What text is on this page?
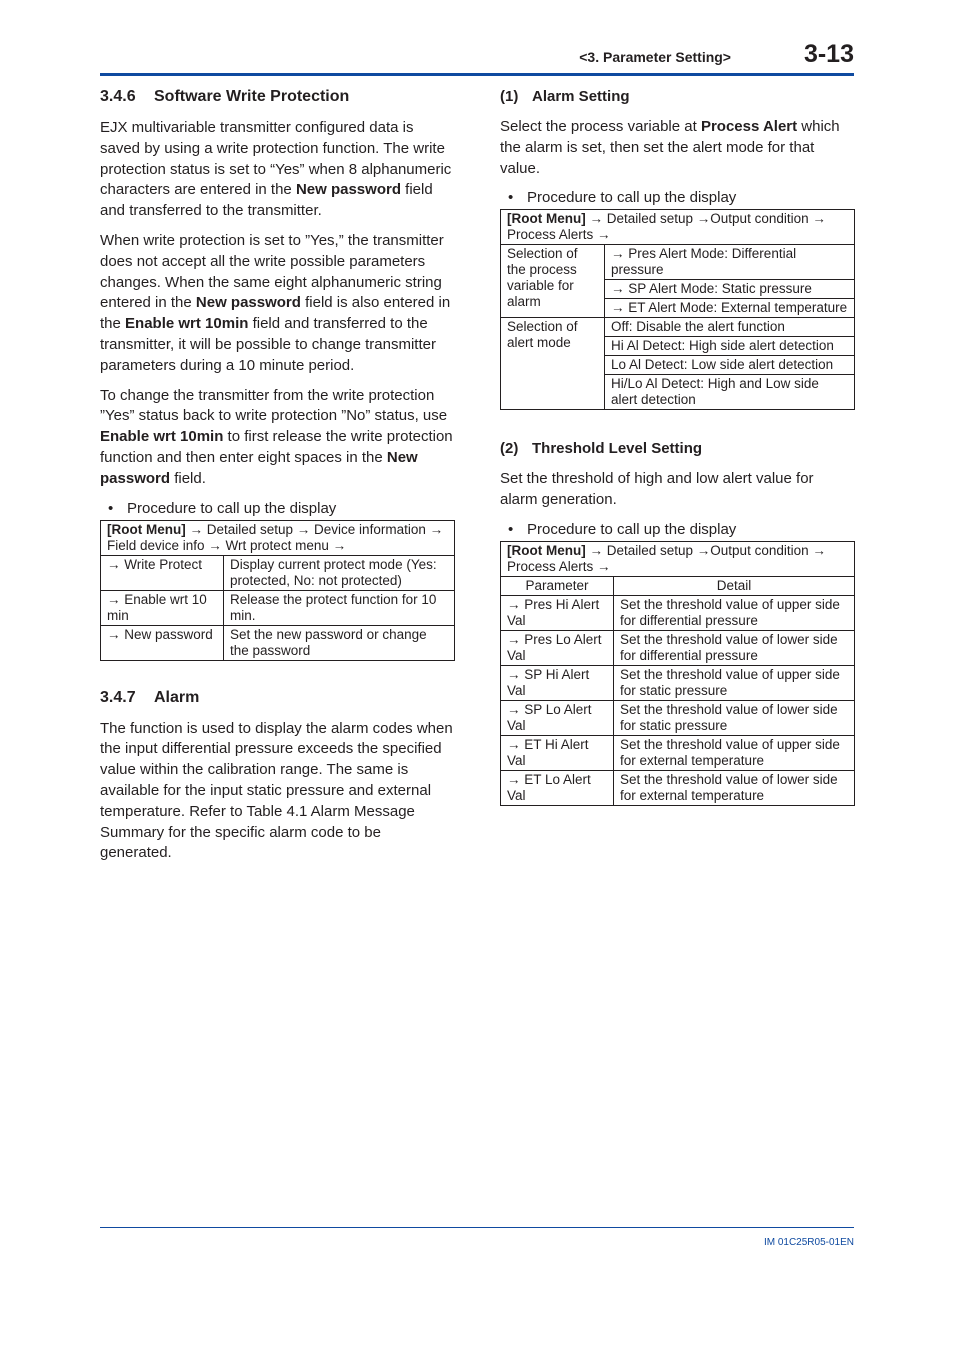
<3. Parameter Setting>	3-13
3.4.6 Software Write Protection

EJX multivariable transmitter configured data is saved by using a write protection function. The write protection status is set to “Yes” when 8 alphanumeric characters are entered in the New password field and transferred to the transmitter.

When write protection is set to ”Yes,” the transmitter does not accept all the write possible parameters changes. When the same eight alphanumeric string entered in the New password field is also entered in the Enable wrt 10min field and transferred to the transmitter, it will be possible to change transmitter parameters during a 10 minute period.

To change the transmitter from the write protection ”Yes” status back to write protection ”No” status, use Enable wrt 10min to first release the write protection function and then enter eight spaces in the New password field.

• Procedure to call up the display
[Root Menu] → Detailed setup → Device information → Field device info → Wrt protect menu →	
→ Write Protect	Display current protect mode (Yes: protected, No: not protected)
→ Enable wrt 10 min	Release the protect function for 10 min.
→ New password	Set the new password or change the password
3.4.7 Alarm

The function is used to display the alarm codes when the input differential pressure exceeds the specified value within the calibration range. The same is available for the input static pressure and external temperature. Refer to Table 4.1 Alarm Message Summary for the specific alarm code to be generated.

(1) Alarm Setting

Select the process variable at Process Alert which the alarm is set, then set the alert mode for that value.

• Procedure to call up the display
[Root Menu] → Detailed setup →Output condition → Process Alerts →	
Selection of the process variable for alarm	→ Pres Alert Mode: Differential pressure
	→ SP Alert Mode: Static pressure
	→ ET Alert Mode: External temperature
Selection of alert mode	Off: Disable the alert function
	Hi Al Detect: High side alert detection
	Lo Al Detect: Low side alert detection
	Hi/Lo Al Detect: High and Low side alert detection
(2) Threshold Level Setting

Set the threshold of high and low alert value for alarm generation.

• Procedure to call up the display
[Root Menu] → Detailed setup →Output condition → Process Alerts →	
Parameter	Detail
→ Pres Hi Alert Val	Set the threshold value of upper side for differential pressure
→ Pres Lo Alert Val	Set the threshold value of lower side for differential pressure
→ SP Hi Alert Val	Set the threshold value of upper side for static pressure
→ SP Lo Alert Val	Set the threshold value of lower side for static pressure
→ ET Hi Alert Val	Set the threshold value of upper side for external temperature
→ ET Lo Alert Val	Set the threshold value of lower side for external temperature
IM 01C25R05-01EN
